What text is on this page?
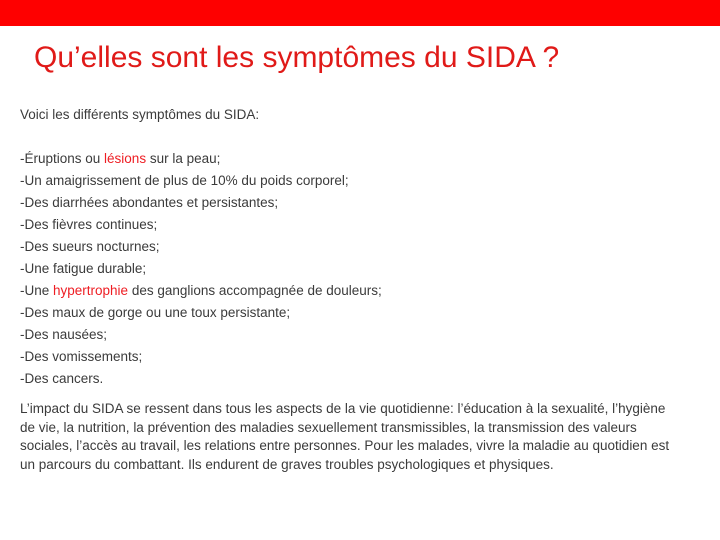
Qu’elles sont les symptômes du SIDA ?
Voici les différents symptômes du SIDA:
-Éruptions ou lésions sur la peau;
-Un amaigrissement de plus de 10% du poids corporel;
-Des diarrhées abondantes et persistantes;
-Des fièvres continues;
-Des sueurs nocturnes;
-Une fatigue durable;
-Une hypertrophie des ganglions accompagnée de douleurs;
-Des maux de gorge ou une toux persistante;
-Des nausées;
-Des vomissements;
-Des cancers.
L’impact du SIDA se ressent dans tous les aspects de la vie quotidienne: l’éducation à la sexualité, l’hygiène de vie, la nutrition, la prévention des maladies sexuellement transmissibles, la transmission des valeurs sociales, l’accès au travail, les relations entre personnes. Pour les malades, vivre la maladie au quotidien est un parcours du combattant. Ils endurent de graves troubles psychologiques et physiques.
